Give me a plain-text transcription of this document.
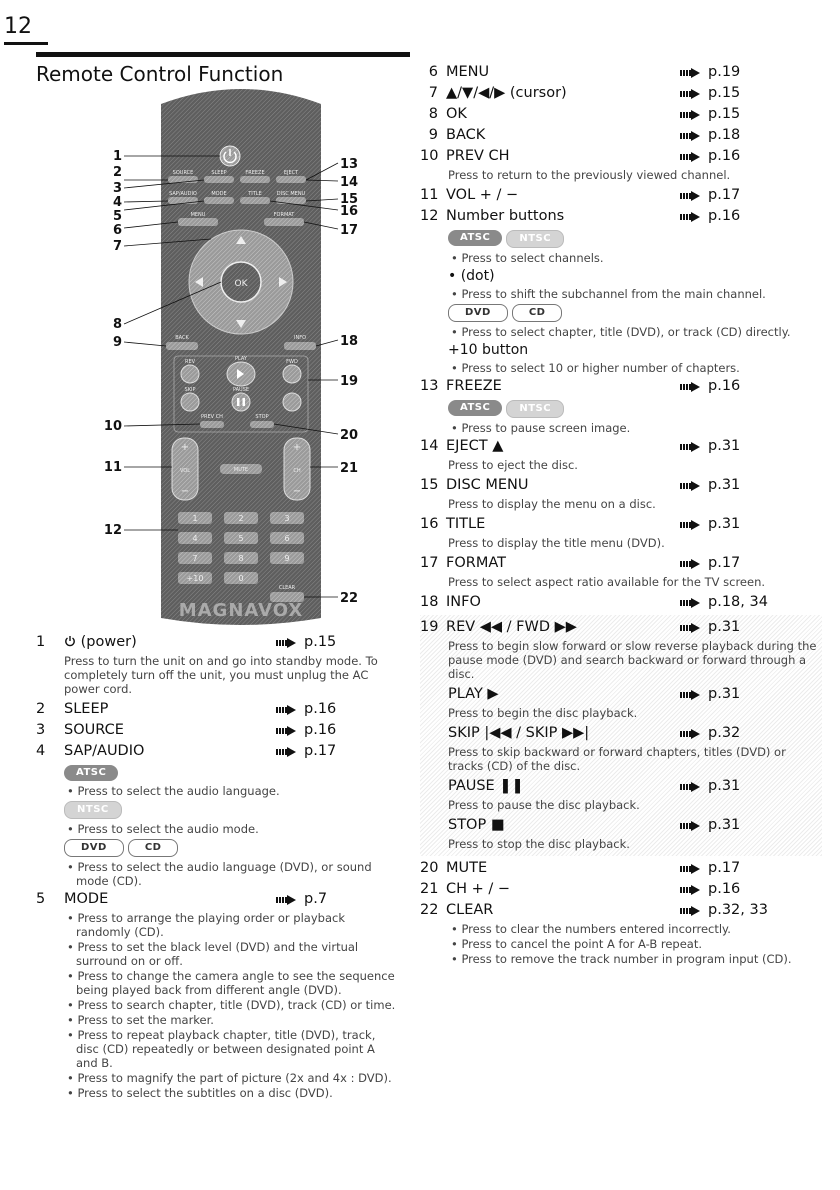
12
Remote Control Function
SOURCE	SLEEP	FREEZE	EJECT
SAP/AUDIO	MODE	TITLE	DISC MENU
MENU	FORMAT
OK
BACK	INFO
REV	PLAY	FWD
SKIP	PAUSE
PREV CH	STOP
VOL	CH
MUTE
+
−
+
−
1	2	3
4	5	6
7	8	9
+10	0
CLEAR
MAGNAVOX
1
2
3
4
5
6
7
8
9
10
11
12
13
14
15
16
17
18
19
20
21
22
1	(power)	p.15
Press to turn the unit on and go into standby mode. To completely turn off the unit, you must unplug the AC power cord.
2	SLEEP	p.16
3	SOURCE	p.16
4	SAP/AUDIO	p.17
ATSC
• Press to select the audio language.
NTSC
• Press to select the audio mode.
DVD	CD
• Press to select the audio language (DVD), or sound mode (CD).
5	MODE	p.7
• Press to arrange the playing order or playback randomly (CD).
• Press to set the black level (DVD) and the virtual surround on or off.
• Press to change the camera angle to see the sequence being played back from different angle (DVD).
• Press to search chapter, title (DVD), track (CD) or time.
• Press to set the marker.
• Press to repeat playback chapter, title (DVD), track, disc (CD) repeatedly or between designated point A and B.
• Press to magnify the part of picture (2x and 4x : DVD).
• Press to select the subtitles on a disc (DVD).
6 MENU	p.19
7 ▲/▼/◀/▶ (cursor)	p.15
8 OK	p.15
9 BACK	p.18
10 PREV CH	p.16
Press to return to the previously viewed channel.
11 VOL + / −	p.17
12 Number buttons	p.16
ATSC	NTSC
• Press to select channels.
• (dot)
• Press to shift the subchannel from the main channel.
DVD	CD
• Press to select chapter, title (DVD), or track (CD) directly.
+10 button
• Press to select 10 or higher number of chapters.
13 FREEZE	p.16
ATSC	NTSC
• Press to pause screen image.
14 EJECT ▲	p.31
Press to eject the disc.
15 DISC MENU	p.31
Press to display the menu on a disc.
16 TITLE	p.31
Press to display the title menu (DVD).
17 FORMAT	p.17
Press to select aspect ratio available for the TV screen.
18 INFO	p.18, 34
19 REV ◀◀ / FWD ▶▶	p.31
Press to begin slow forward or slow reverse playback during the pause mode (DVD) and search backward or forward through a disc.
PLAY ▶	p.31
Press to begin the disc playback.
SKIP |◀◀ / SKIP ▶▶|	p.32
Press to skip backward or forward chapters, titles (DVD) or tracks (CD) of the disc.
PAUSE ❚❚	p.31
Press to pause the disc playback.
STOP ■	p.31
Press to stop the disc playback.
20 MUTE	p.17
21 CH + / −	p.16
22 CLEAR	p.32, 33
• Press to clear the numbers entered incorrectly.
• Press to cancel the point A for A-B repeat.
• Press to remove the track number in program input (CD).
